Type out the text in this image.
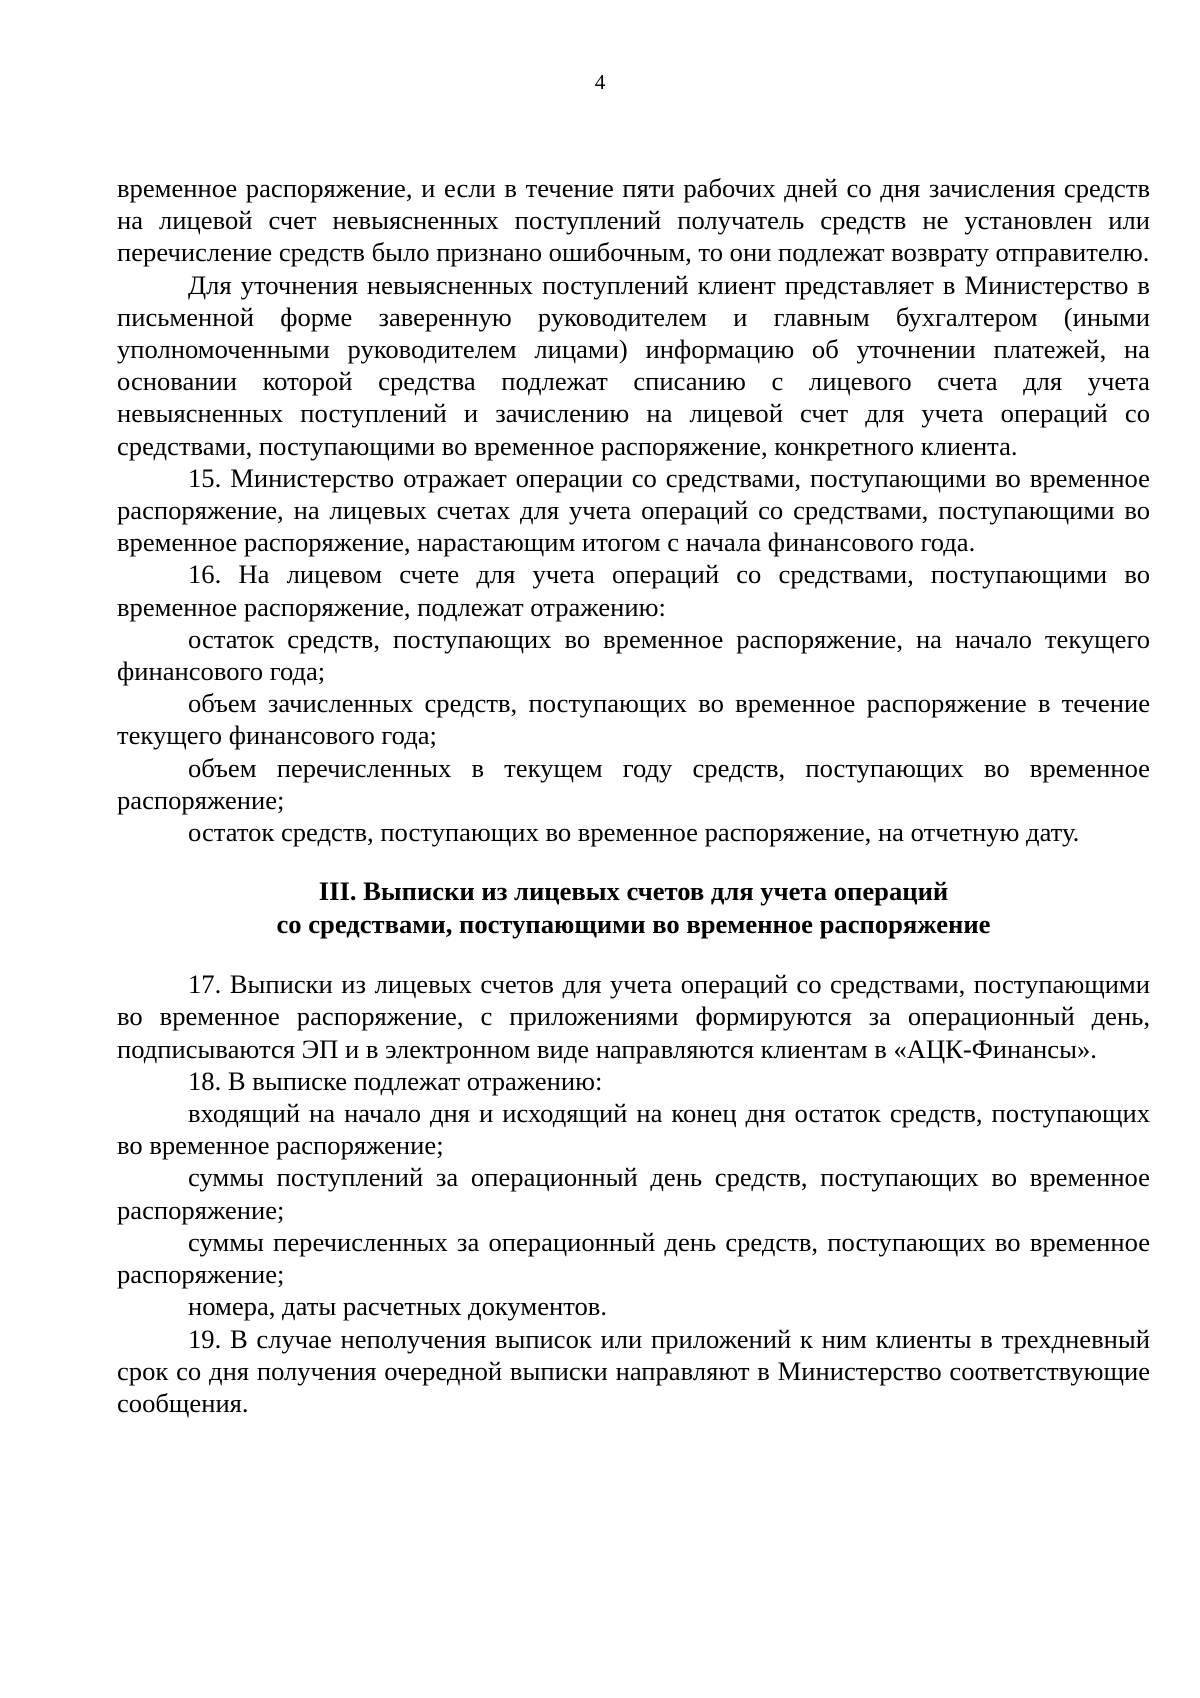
4

временное распоряжение, и если в течение пяти рабочих дней со дня зачисления средств на лицевой счет невыясненных поступлений получатель средств не установлен или перечисление средств было признано ошибочным, то они подлежат возврату отправителю.

Для уточнения невыясненных поступлений клиент представляет в Министерство в письменной форме заверенную руководителем и главным бухгалтером (иными уполномоченными руководителем лицами) информацию об уточнении платежей, на основании которой средства подлежат списанию с лицевого счета для учета невыясненных поступлений и зачислению на лицевой счет для учета операций со средствами, поступающими во временное распоряжение, конкретного клиента.

15. Министерство отражает операции со средствами, поступающими во временное распоряжение, на лицевых счетах для учета операций со средствами, поступающими во временное распоряжение, нарастающим итогом с начала финансового года.

16. На лицевом счете для учета операций со средствами, поступающими во временное распоряжение, подлежат отражению:

остаток средств, поступающих во временное распоряжение, на начало текущего финансового года;

объем зачисленных средств, поступающих во временное распоряжение в течение текущего финансового года;

объем перечисленных в текущем году средств, поступающих во временное распоряжение;

остаток средств, поступающих во временное распоряжение, на отчетную дату.

III. Выписки из лицевых счетов для учета операций
со средствами, поступающими во временное распоряжение

17. Выписки из лицевых счетов для учета операций со средствами, поступающими во временное распоряжение, с приложениями формируются за операционный день, подписываются ЭП и в электронном виде направляются клиентам в «АЦК-Финансы».

18. В выписке подлежат отражению:

входящий на начало дня и исходящий на конец дня остаток средств, поступающих во временное распоряжение;

суммы поступлений за операционный день средств, поступающих во временное распоряжение;

суммы перечисленных за операционный день средств, поступающих во временное распоряжение;

номера, даты расчетных документов.

19. В случае неполучения выписок или приложений к ним клиенты в трехдневный срок со дня получения очередной выписки направляют в Министерство соответствующие сообщения.
